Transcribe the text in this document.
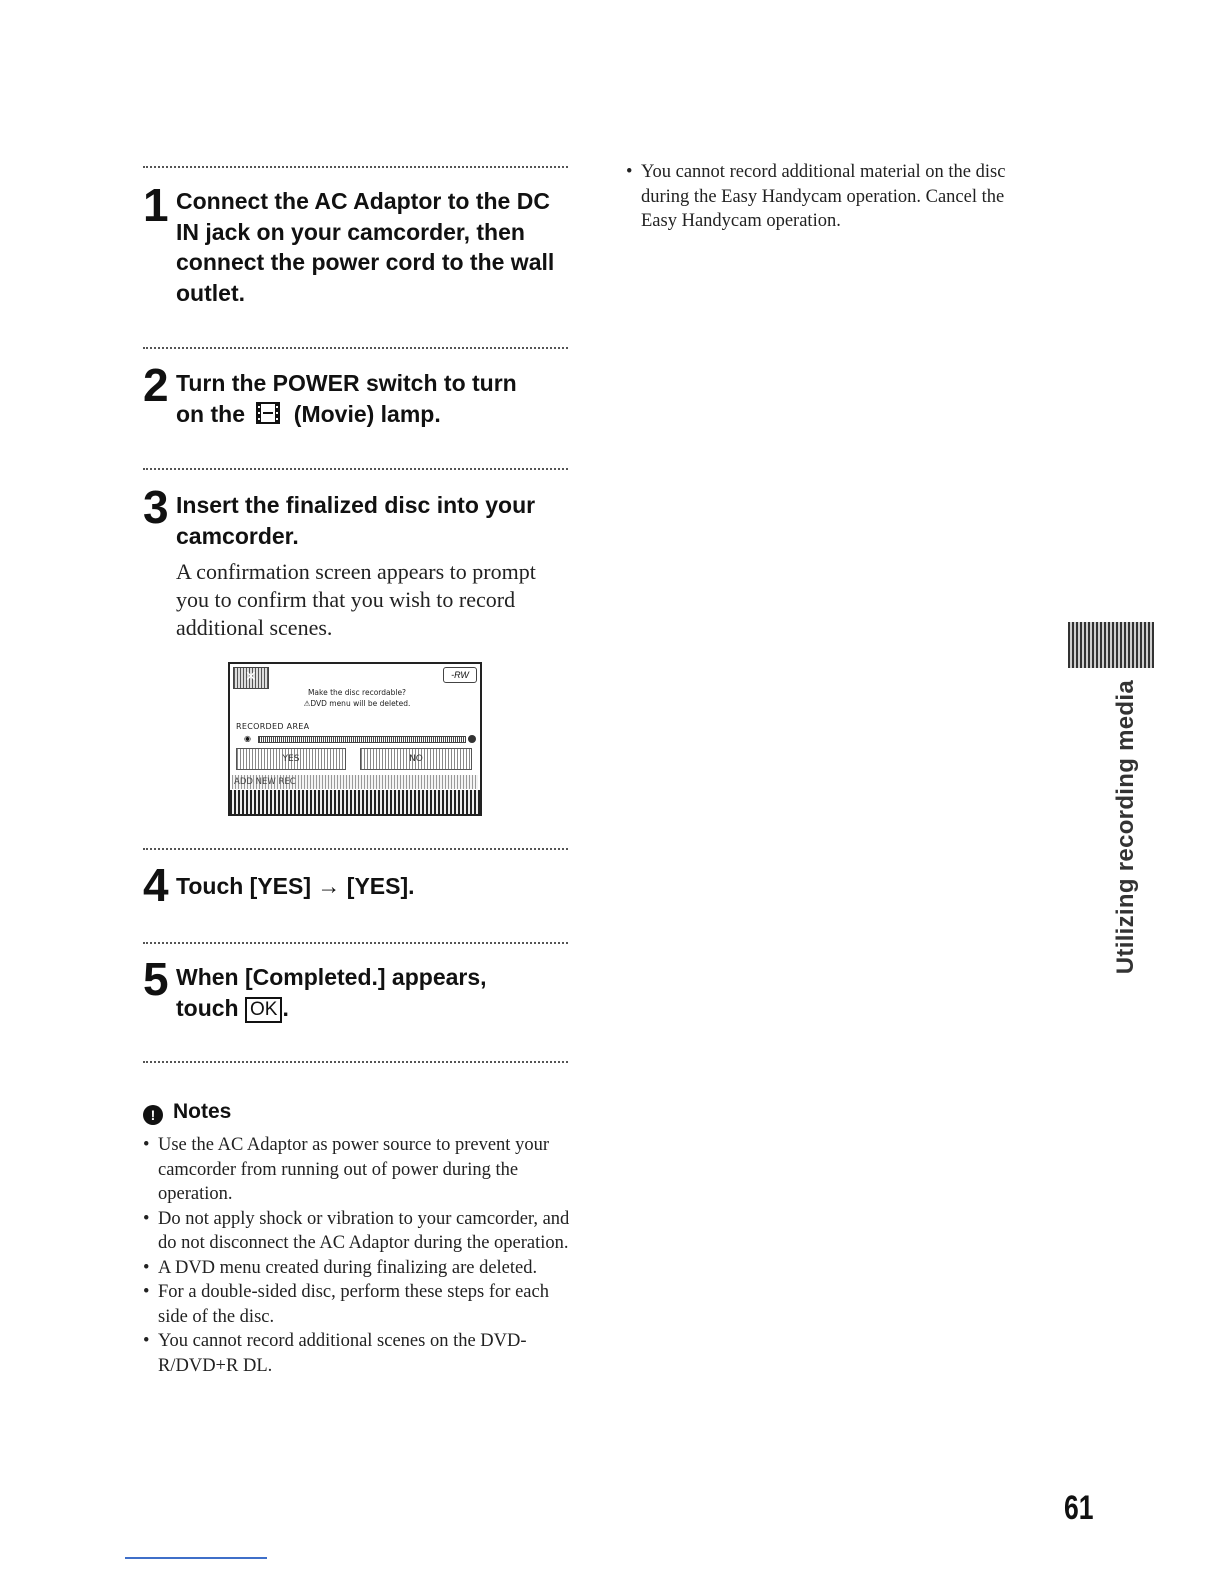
1 Connect the AC Adaptor to the DC IN jack on your camcorder, then connect the power cord to the wall outlet.
2 Turn the POWER switch to turn on the (Movie) lamp.
3 Insert the finalized disc into your camcorder.
A confirmation screen appears to prompt you to confirm that you wish to record additional scenes.
✕	-RW
Make the disc recordable?
⚠DVD menu will be deleted.
RECORDED AREA
◉
YES	NO
ADD NEW REC
4 Touch [YES] → [YES].
5 When [Completed.] appears, touch OK .
! Notes
• Use the AC Adaptor as power source to prevent your camcorder from running out of power during the operation.
• Do not apply shock or vibration to your camcorder, and do not disconnect the AC Adaptor during the operation.
• A DVD menu created during finalizing are deleted.
• For a double-sided disc, perform these steps for each side of the disc.
• You cannot record additional scenes on the DVD-R/DVD+R DL.
• You cannot record additional material on the disc during the Easy Handycam operation. Cancel the Easy Handycam operation.
Utilizing recording media
61
